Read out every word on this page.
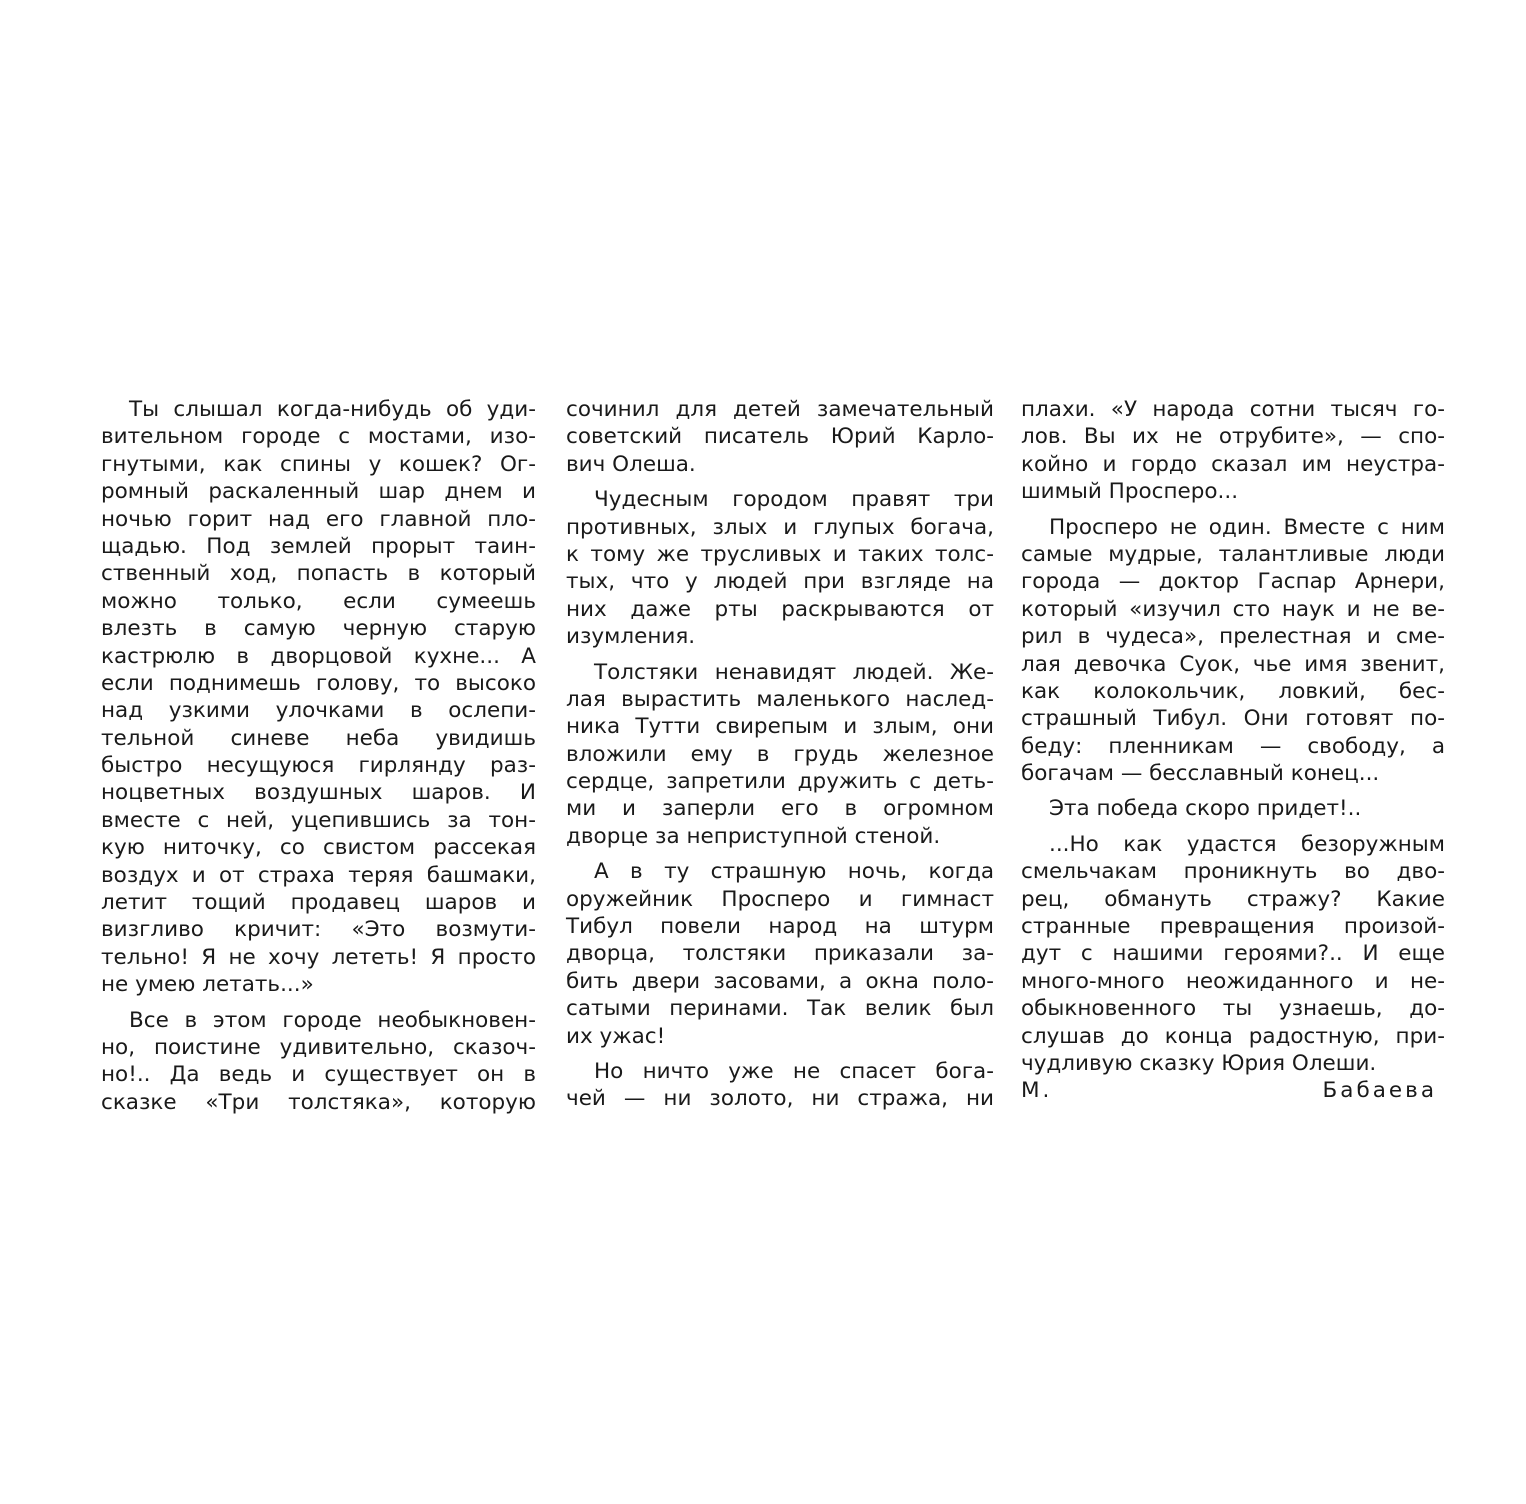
Ты слышал когда-нибудь об уди-
вительном городе с мостами, изо-
гнутыми, как спины у кошек? Ог-
ромный раскаленный шар днем и
ночью горит над его главной пло-
щадью. Под землей прорыт таин-
ственный ход, попасть в который
можно только, если сумеешь
влезть в самую черную старую
кастрюлю в дворцовой кухне... А
если поднимешь голову, то высоко
над узкими улочками в ослепи-
тельной синеве неба увидишь
быстро несущуюся гирлянду раз-
ноцветных воздушных шаров. И
вместе с ней, уцепившись за тон-
кую ниточку, со свистом рассекая
воздух и от страха теряя башмаки,
летит тощий продавец шаров и
визгливо кричит: «Это возмути-
тельно! Я не хочу лететь! Я просто
не умею летать...»
Все в этом городе необыкновен-
но, поистине удивительно, сказоч-
но!.. Да ведь и существует он в
сказке «Три толстяка», которую
сочинил для детей замечательный
советский писатель Юрий Карло-
вич Олеша.
Чудесным городом правят три
противных, злых и глупых богача,
к тому же трусливых и таких толс-
тых, что у людей при взгляде на
них даже рты раскрываются от
изумления.
Толстяки ненавидят людей. Же-
лая вырастить маленького наслед-
ника Тутти свирепым и злым, они
вложили ему в грудь железное
сердце, запретили дружить с деть-
ми и заперли его в огромном
дворце за неприступной стеной.
А в ту страшную ночь, когда
оружейник Просперо и гимнаст
Тибул повели народ на штурм
дворца, толстяки приказали за-
бить двери засовами, а окна поло-
сатыми перинами. Так велик был
их ужас!
Но ничто уже не спасет бога-
чей — ни золото, ни стража, ни
плахи. «У народа сотни тысяч го-
лов. Вы их не отрубите», — спо-
койно и гордо сказал им неустра-
шимый Просперо...
Просперо не один. Вместе с ним
самые мудрые, талантливые люди
города — доктор Гаспар Арнери,
который «изучил сто наук и не ве-
рил в чудеса», прелестная и сме-
лая девочка Суок, чье имя звенит,
как колокольчик, ловкий, бес-
страшный Тибул. Они готовят по-
беду: пленникам — свободу, а
богачам — бесславный конец...
Эта победа скоро придет!..
...Но как удастся безоружным
смельчакам проникнуть во дво-
рец, обмануть стражу? Какие
странные превращения произой-
дут с нашими героями?.. И еще
много-много неожиданного и не-
обыкновенного ты узнаешь, до-
слушав до конца радостную, при-
чудливую сказку Юрия Олеши.
М. Бабаева
